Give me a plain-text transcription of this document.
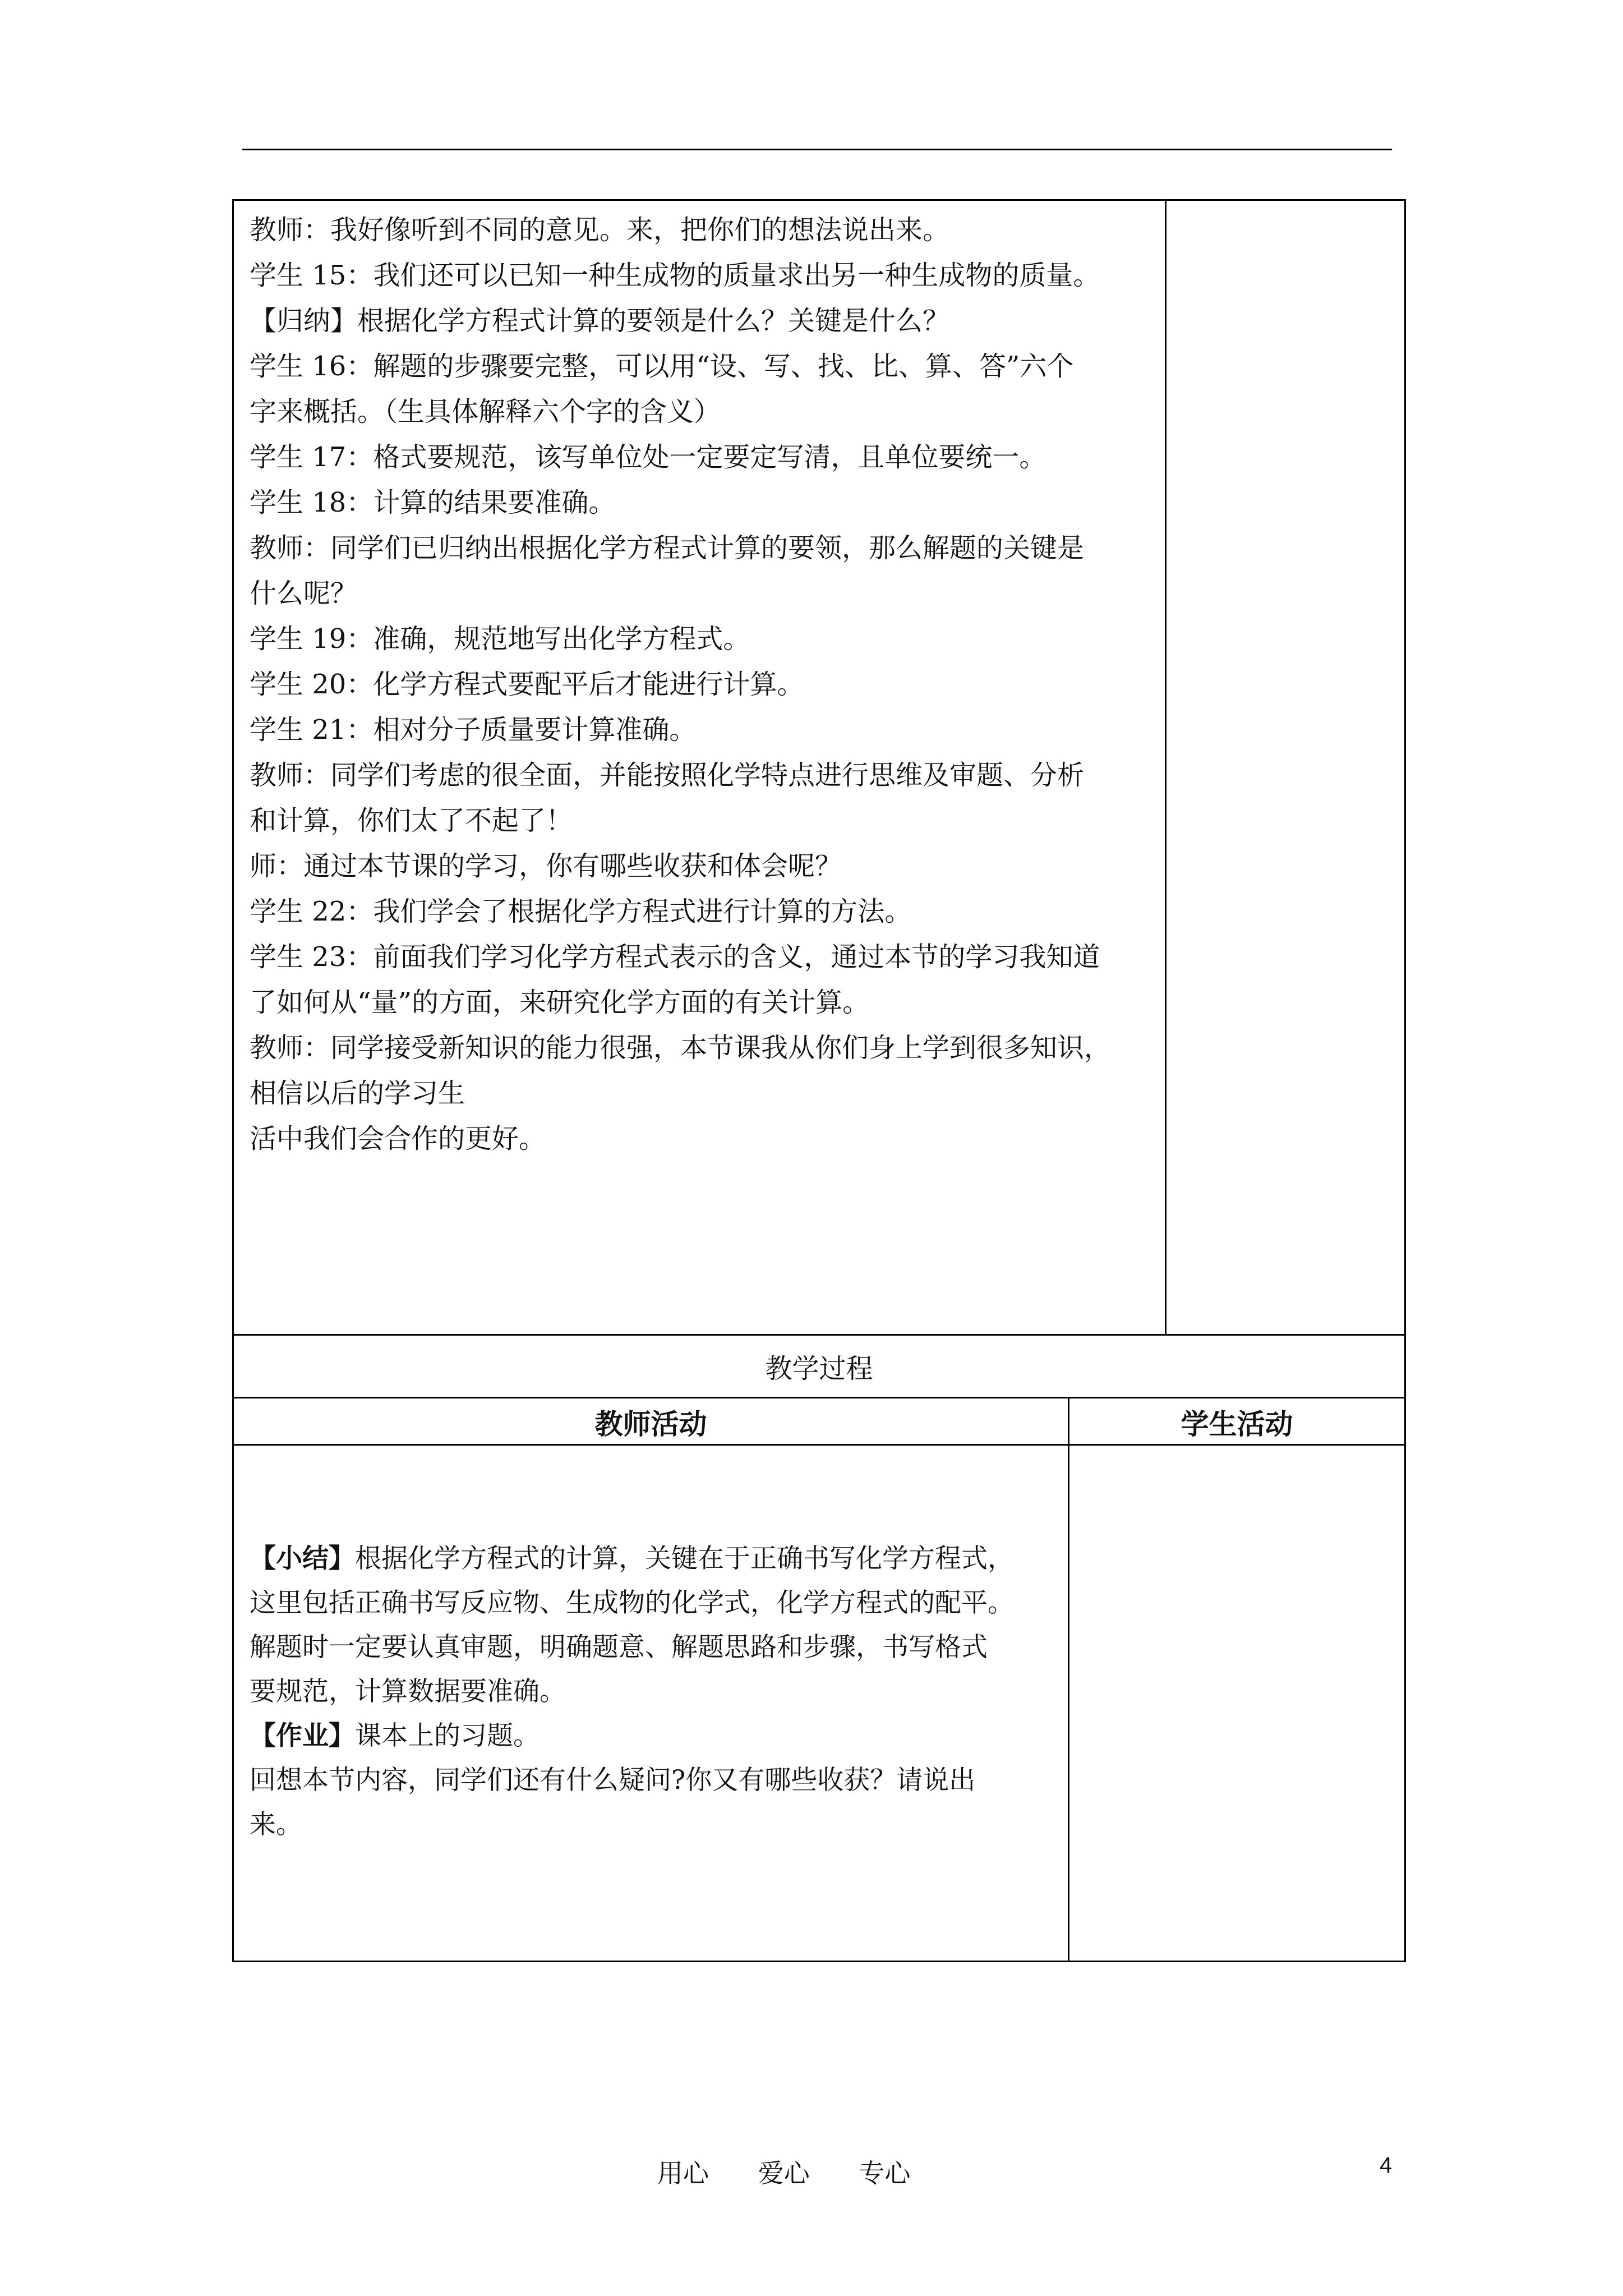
教师：我好像听到不同的意见。来，把你们的想法说出来。
学生 15：我们还可以已知一种生成物的质量求出另一种生成物的质量。
【归纳】根据化学方程式计算的要领是什么？关键是什么？
学生 16：解题的步骤要完整，可以用“设、写、找、比、算、答”六个
字来概括。（生具体解释六个字的含义）
学生 17：格式要规范，该写单位处一定要定写清，且单位要统一。
学生 18：计算的结果要准确。
教师：同学们已归纳出根据化学方程式计算的要领，那么解题的关键是
什么呢？
学生 19：准确，规范地写出化学方程式。
学生 20：化学方程式要配平后才能进行计算。
学生 21：相对分子质量要计算准确。
教师：同学们考虑的很全面，并能按照化学特点进行思维及审题、分析
和计算，你们太了不起了！
师：通过本节课的学习，你有哪些收获和体会呢？
学生 22：我们学会了根据化学方程式进行计算的方法。
学生 23：前面我们学习化学方程式表示的含义，通过本节的学习我知道
了如何从“量”的方面，来研究化学方面的有关计算。
教师：同学接受新知识的能力很强，本节课我从你们身上学到很多知识，
相信以后的学习生
活中我们会合作的更好。
教学过程
教师活动	学生活动
【小结】根据化学方程式的计算，关键在于正确书写化学方程式，
这里包括正确书写反应物、生成物的化学式，化学方程式的配平。
解题时一定要认真审题，明确题意、解题思路和步骤，书写格式
要规范，计算数据要准确。
【作业】课本上的习题。
回想本节内容，同学们还有什么疑问?你又有哪些收获？请说出
来。
用心      爱心      专心	4
